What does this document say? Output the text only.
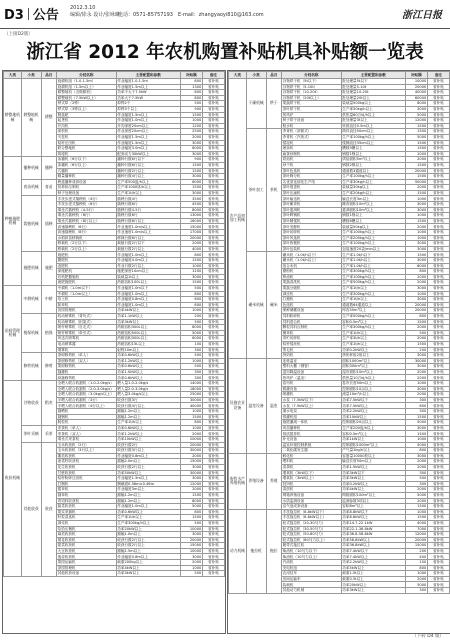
D3 公告 2012.3.10
编辑/徐永 设计/张咏曦
电话：0571-85757193　E-mail：zhangyaoyi810@163.com	浙江日报
（上接D2版）
浙江省 2012 年农机购置补贴机具补贴额一览表
大类	小类	品目	分档名称	主要配置和参数	补贴额	备注
耕整地机械	耕整地机械	耕整	旋耕机组（1.0-1.5m）	作业幅宽1.0-1.5m	800	省补贴
			旋耕机组（1.5m以上）	作业幅宽1.5m以上	1300	省补贴
			耕整地机（含微耕机）	功率不大于7.5kW	600	省补贴
			耕整地机（7.5kW以上）	功率大于7.5kW	800	省补贴
			铧式犁（2铧）	犁铧2个	500	省补贴
			铧式犁（3铧以上）	犁铧3个以上	900	省补贴
			圆盘耙	作业幅宽1.5m以上	1500	省补贴
			起垄机	作业幅宽1.0m以上	1000	省补贴
			开沟机	开沟深度20cm以上	1200	省补贴
			深松机	作业深度25cm以上	2500	省补贴
			灭茬机	作业幅宽1.5m以上	2000	省补贴
			秸秆还田机	作业幅宽1.5m以上	3000	省补贴
			联合整地机	作业幅宽3.0m以上	6000	省补贴
			筑埂机	配套动力30kW以上	3000	省补贴
种植施肥机械	播种机械	播种	条播机（6行以下）	播种行数6行以下	900	省补贴
			条播机（6行以上）	播种行数6行以上	1500	省补贴
			穴播机	播种行数2行以上	1500	省补贴
			精量播种机	播种行数4行以上	3000	省补贴
	育苗机械	育苗	秧盘播种成套设备	生产率500盘/h以上	6000	省补贴
			营养钵压制机	生产率1000钵/h以上	1500	省补贴
			种子处理设备	生产率1t/h以上	3000	省补贴
	栽植机械	插秧	手扶步进式插秧机（4行）	插秧行数4行	3500	省补贴
			手扶步进式插秧机（6行）	插秧行数6行	4500	省补贴
			乘坐式插秧机（4-5行）	插秧行数4-5行	8000	省补贴
			乘坐式插秧机（6行）	插秧行数6行	13000	省补贴
			乘坐式插秧机（8行以上）	插秧行数8行以上	16000	省补贴
			高速插秧机（6行）	作业速度1.0m/s以上	15000	省补贴
			高速插秧机（8行）	作业速度1.0m/s以上	17000	省补贴
			水稻钵苗移栽机	移栽行数6行以上	20000	省补贴
			移栽机（2行以下）	栽植行数2行以下	2000	省补贴
			移栽机（2行以上）	栽植行数2行以上	4000	省补贴
	施肥机械	施肥	施肥机	作业幅宽1.0m以上	800	省补贴
			撒肥机	作业幅宽4.0m以上	1500	省补贴
			追肥机	作业行数2行以上	1000	省补贴
			深施肥机	施肥深度10cm以上	1200	省补贴
			有机肥撒施机	装载量1t以上	3000	省补贴
			液肥施肥机	药箱容积100L以上	1500	省补贴
田间管理机械	中耕机械	中耕	中耕机（1.0m以下）	作业幅宽1.0m以下	500	省补贴
			中耕机（1.0m以上）	作业幅宽1.0m以上	800	省补贴
			培土机	作业幅宽0.8m以上	600	省补贴
			除草机	作业幅宽1.0m以上	800	省补贴
			田园管理机	功率4kW以上	1000	省补贴
	植保机械	植保	机动喷雾机（背负式）	功率1.1kW以上	200	省补贴
			机动喷雾机（担架式）	功率3kW以上	500	省补贴
			喷杆喷雾机（自走式）	药箱容积300L以上	8000	省补贴
			喷杆喷雾机（牵引式）	药箱容积500L以上	5000	省补贴
			风送式喷雾机	药箱容积300L以上	6000	省补贴
			电动喷雾器	药箱容积15L以上	100	省补贴
			烟雾机	射程10m以上	300	省补贴
	修剪机械	修剪	茶树修剪机（单人）	功率0.6kW以上	500	省补贴
			茶树修剪机（双人）	功率1.2kW以上	1000	省补贴
			果树修剪机	功率0.6kW以上	500	省补贴
			割灌机	功率1.0kW以上	300	省补贴
			绿篱修剪机	功率0.6kW以上	300	省补贴
收获机械	谷物收获	稻麦	全喂入联合收割机（1.0-2.0kg/s）	喂入量1.0-2.0kg/s	14000	省补贴
			全喂入联合收割机（2.0-3.0kg/s）	喂入量2.0-3.0kg/s	18000	省补贴
			全喂入联合收割机（3.0kg/s以上）	喂入量3.0kg/s以上	25000	省补贴
			半喂入联合收割机（3行）	收获行数3行	30000	省补贴
			半喂入联合收割机（4行以上）	收获行数4行以上	40000	省补贴
			割晒机	割幅1.2m以上	1000	省补贴
			割捆机	割幅1.2m以上	1500	省补贴
			脱粒机	生产率1t/h以上	800	省补贴
	茶叶采摘	采茶	采茶机（单人）	功率0.6kW以上	1000	省补贴
			采茶机（双人）	功率1.2kW以上	2000	省补贴
			乘坐式采茶机	功率10kW以上	20000	省补贴
	其他收获	收获	玉米收获机（2行）	收获行数2行	20000	省补贴
			玉米收获机（3行以上）	收获行数3行以上	30000	省补贴
			薯类收获机	作业幅宽0.8m以上	2000	省补贴
			油菜籽收获机	割幅2.0m以上	15000	省补贴
			花生收获机	收获行数2行以上	3000	省补贴
			甘蔗收获机	功率50kW以上	30000	省补贴
			秸秆粉碎还田机	作业幅宽1.5m以上	3000	省补贴
			打捆机	捆截面0.36m×0.46m	12000	省补贴
			搂草机	作业幅宽3m以上	2000	省补贴
			割草机	割幅1.2m以上	1500	省补贴
			青饲料收获机	割幅1.2m以上	8000	省补贴
			蔬菜收获机	作业幅宽1.0m以上	5000	省补贴
			果实采摘机	功率0.6kW以上	800	省补贴
			籽粒清选机	生产率1t/h以上	1500	省补贴
			剥壳机	生产率300kg/h以上	500	省补贴
			捡拾压捆机	功率20kW以上	10000	省补贴
			麻类收获机	割幅1.0m以上	3000	省补贴
			棉花收获机	收获行数2行以上	20000	省补贴
			甜菜收获机	收获行数2行以上	15000	省补贴
			大豆收获机	割幅1.5m以上	10000	省补贴
			葱蒜收获机	作业幅宽0.8m以上	3000	省补贴
			果园运输机	载重200kg以上	2000	省补贴
			茶园管理机	功率4kW以上	1000	省补贴
			其他收获设备	功率3kW以上	500	省补贴
大类	小类	品目	分档名称	主要配置和参数	补贴额	备注
农产品初加工机械	干燥机械	烘干	谷物烘干机（5t以下）	批处理量5t以下	10000	省补贴
			谷物烘干机（5-10t）	批处理量5-10t	20000	省补贴
			谷物烘干机（10-20t）	批处理量10-20t	40000	省补贴
			谷物烘干机（20t以上）	批处理量20t以上	60000	省补贴
			果蔬烘干机	装载量500kg以上	8000	省补贴
			茶叶烘干机	生产率50kg/h以上	3000	省补贴
			热风炉	供热量60万kJ/h以上	5000	省补贴
			种子烘干设备	批处理量3t以上	12000	省补贴
			脱水机	转鼓直径0.5m以上	1500	省补贴
	茶叶加工	茶机	杀青机（滚筒式）	筒体直径50cm以上	1500	省补贴
			杀青机（汽热式）	生产率100kg/h以上	5000	省补贴
			揉捻机	揉桶直径35cm以上	1500	省补贴
			理条机	槽数9槽以上	1500	省补贴
			扁茶炒制机	锅数1锅以上	1000	省补贴
			烘焙机	烘焙面积5m²以上	2000	省补贴
			炒干机	锅数2锅以上	1500	省补贴
			茶叶色选机	通道数3通道以上	20000	省补贴
			茶叶筛分机	生产率100kg/h以上	1500	省补贴
			名优茶连续化生产线	生产率30kg/h以上	50000	省补贴
			茶叶提香机	装载量30kg以上	2000	省补贴
			茶叶压扁机	生产率20kg/h以上	1500	省补贴
			茶叶输送机	输送长度3m以上	1000	省补贴
			茶叶摊青机	摊青面积10m²以上	3000	省补贴
			茶叶萎凋机	萎凋面积10m²以上	3000	省补贴
			茶叶辉锅机	锅数1锅以上	1000	省补贴
			茶叶精揉机	槽数6槽以上	1500	省补贴
			茶叶发酵机	装载量50kg以上	2000	省补贴
			茶叶切碎机	生产率100kg/h以上	1000	省补贴
			茶叶风选机	生产率200kg/h以上	1000	省补贴
			茶叶拣梗机	生产率100kg/h以上	3000	省补贴
			茶叶包装机	包装速度20袋/min以上	3000	省补贴
	碾米机械	碾米	碾米机（1.0t/h以下）	生产率1.0t/h以下	1500	省补贴
			碾米机（1.0t/h以上）	生产率1.0t/h以上	3000	省补贴
			组合米机	生产率1.0t/h以上	6000	省补贴
			磨粉机	生产率300kg/h以上	800	省补贴
			榨油机	生产率100kg/h以上	2000	省补贴
			果蔬清洗机	生产率500kg/h以上	2000	省补贴
			果蔬分级机	生产率1t/h以上	3000	省补贴
			剥皮机	生产率300kg/h以上	1000	省补贴
			打蜡机	生产率1t/h以上	3000	省补贴
			色选机	通道数64通道以上	20000	省补贴
			保鲜储藏设备	库容50m³以上	20000	省补贴
			饲料粉碎机	生产率500kg/h以上	800	省补贴
			饲料混合机	容积0.5m³以上	1500	省补贴
			颗粒饲料压制机	生产率300kg/h以上	2000	省补贴
			铡草机	生产率1t/h以上	500	省补贴
			青贮切碎机	生产率3t/h以上	2000	省补贴
			秸秆揉丝机	生产率1t/h以上	1500	省补贴
			剪毛机	功率0.2kW以上	200	省补贴
			挤奶机	挤奶杯组2组以上	3000	省补贴
设施农业设备	温室设备	温室	连栋温室	面积1000m²以上	30000	省补贴
			塑料大棚（钢管）	面积300m²以上	3000	省补贴
			湿帘降温设备	湿帘面积10m²以上	2000	省补贴
			热风炉（温室）	供热量10万kJ/h以上	2000	省补贴
			卷帘机	卷帘长度50m以上	1000	省补贴
			微灌设备	控制面积10亩以上	3000	省补贴
			喷灌机	流量10m³/h以上	2000	省补贴
			水泵（7.5kW以下）	功率7.5kW以下	300	省补贴
			水泵（7.5kW以上）	功率7.5kW以上	800	省补贴
			潜水电泵	功率2.2kW以上	300	省补贴
			排灌机组	功率10kW以上	1500	省补贴
			施肥灌溉一体机	控制面积20亩以上	5000	省补贴
			育苗播种机	生产率200盘/h以上	3000	省补贴
			基质搅拌机	容积0.5m³以上	1500	省补贴
			补光设备	功率1kW以上	1000	省补贴
			温室环境控制系统	控制面积1000m²以上	5000	省补贴
			二氧化碳发生器	产气量1kg/h以上	800	省补贴
畜牧水产养殖机械	养殖设备	养殖	孵化机	容蛋量10000枚以上	3000	省补贴
			喂料机	输送长度50m以上	2000	省补贴
			清粪机	功率1.5kW以上	2000	省补贴
			增氧机（3kW以下）	功率3kW以下	300	省补贴
			增氧机（3kW以上）	功率3kW以上	500	省补贴
			投饵机	功率0.2kW以上	300	省补贴
			清淤机	功率4kW以上	2000	省补贴
			网箱养殖设备	网箱面积100m²以上	5000	省补贴
			水质监测设备	监测参数3项以上	2000	省补贴
			沼气池成套设备	容积8m³以上	1500	省补贴
动力机械	拖拉机	拖拉	手扶拖拉机（8.8kW以下）	功率8.8kW以下	1000	省补贴
			手扶拖拉机（8.8kW以上）	功率8.8kW以上	1500	省补贴
			轮式拖拉机（20-30马力）	功率14.7-22.1kW	4000	省补贴
			轮式拖拉机（30-50马力）	功率22.1-36.8kW	7000	省补贴
			轮式拖拉机（50-80马力）	功率36.8-58.8kW	12000	省补贴
			轮式拖拉机（80马力以上）	功率58.8kW以上	20000	省补贴
			履带式拖拉机	功率36.8kW以上	15000	省补贴
			柴油机（10马力以下）	功率7.4kW以下	200	省补贴
			柴油机（10马力以上）	功率7.4kW以上	400	省补贴
			汽油机	功率2.2kW以上	150	省补贴
			发电机组	功率5kW以上	800	省补贴
			农用挂车	载重1.5t以上	1000	省补贴
			田间运输车	载重0.5t以上	2000	省补贴
			装载机	功率20kW以上	5000	省补贴
			其他动力机械	功率3kW以上	300	省补贴
（下转 D4 版）
